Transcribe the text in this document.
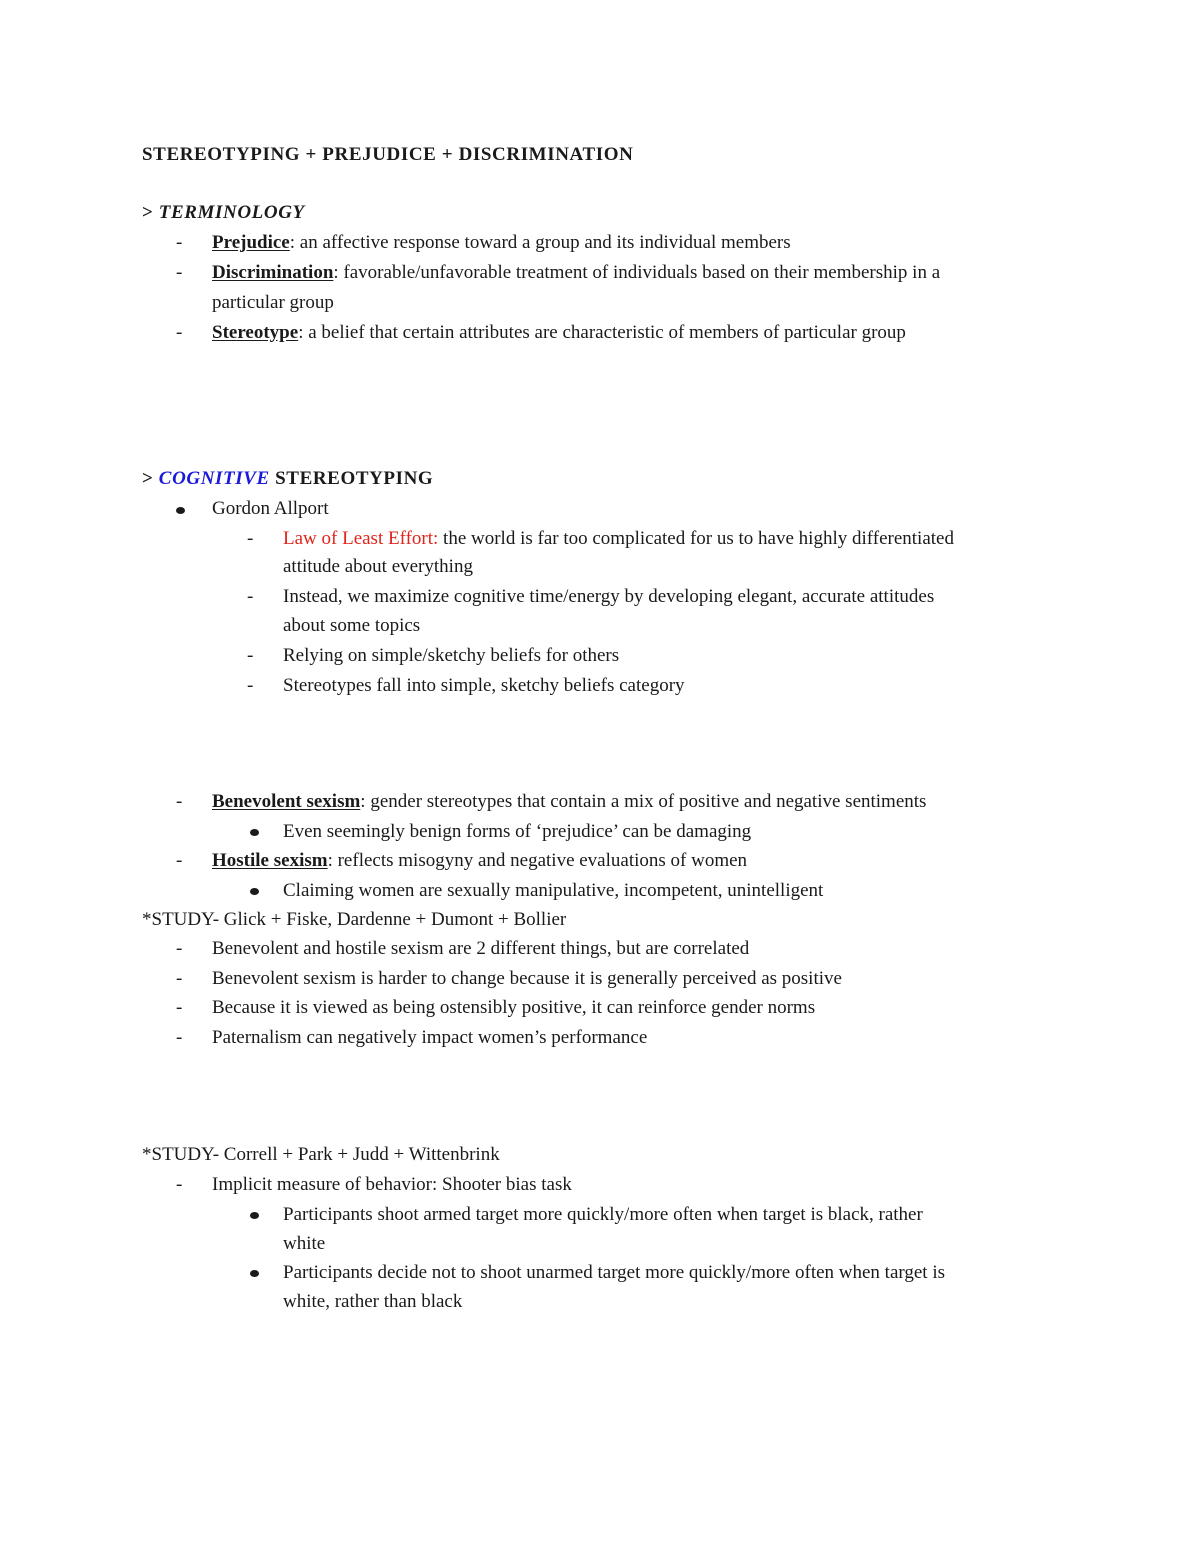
STEREOTYPING + PREJUDICE + DISCRIMINATION
> TERMINOLOGY
- Prejudice: an affective response toward a group and its individual members
- Discrimination: favorable/unfavorable treatment of individuals based on their membership in a
particular group
- Stereotype: a belief that certain attributes are characteristic of members of particular group
> COGNITIVE STEREOTYPING
Gordon Allport
- Law of Least Effort: the world is far too complicated for us to have highly differentiated
attitude about everything
- Instead, we maximize cognitive time/energy by developing elegant, accurate attitudes
about some topics
- Relying on simple/sketchy beliefs for others
- Stereotypes fall into simple, sketchy beliefs category
- Benevolent sexism: gender stereotypes that contain a mix of positive and negative sentiments
Even seemingly benign forms of ‘prejudice’ can be damaging
- Hostile sexism: reflects misogyny and negative evaluations of women
Claiming women are sexually manipulative, incompetent, unintelligent
*STUDY- Glick + Fiske, Dardenne + Dumont + Bollier
- Benevolent and hostile sexism are 2 different things, but are correlated
- Benevolent sexism is harder to change because it is generally perceived as positive
- Because it is viewed as being ostensibly positive, it can reinforce gender norms
- Paternalism can negatively impact women’s performance
*STUDY- Correll + Park + Judd + Wittenbrink
- Implicit measure of behavior: Shooter bias task
Participants shoot armed target more quickly/more often when target is black, rather
white
Participants decide not to shoot unarmed target more quickly/more often when target is
white, rather than black
